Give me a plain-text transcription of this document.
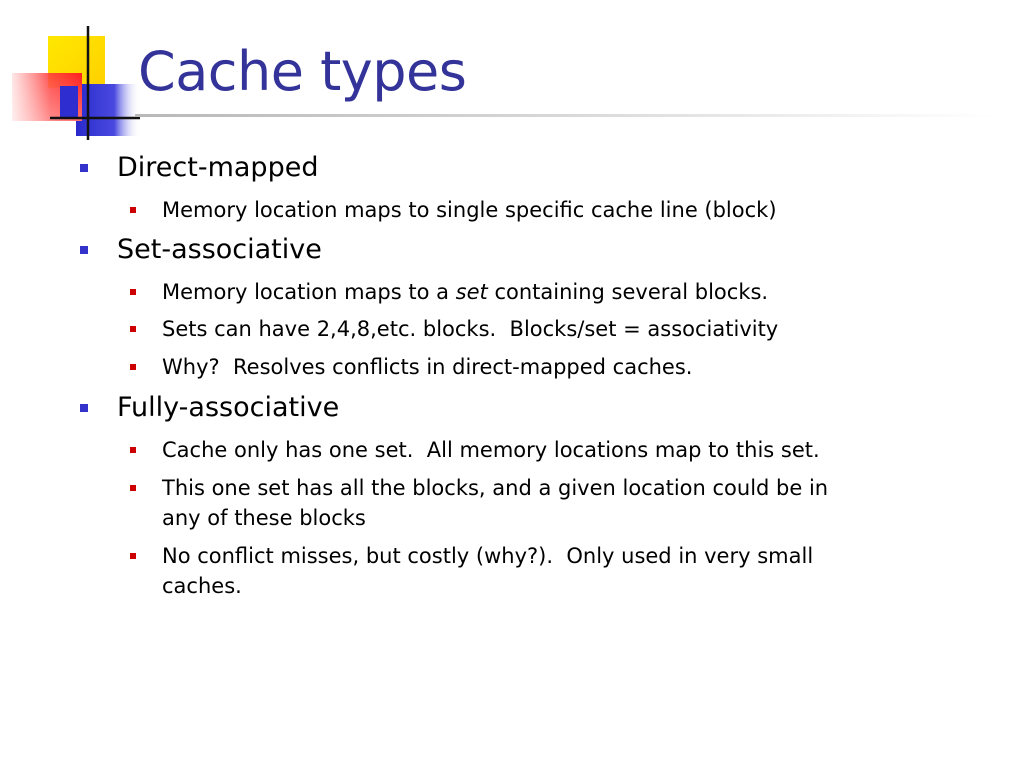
Cache types
Direct-mapped
Memory location maps to single specific cache line (block)
Set-associative
Memory location maps to a set containing several blocks.
Sets can have 2,4,8,etc. blocks.  Blocks/set = associativity
Why?  Resolves conflicts in direct-mapped caches.
Fully-associative
Cache only has one set.  All memory locations map to this set.
This one set has all the blocks, and a given location could be in
any of these blocks
No conflict misses, but costly (why?).  Only used in very small
caches.
